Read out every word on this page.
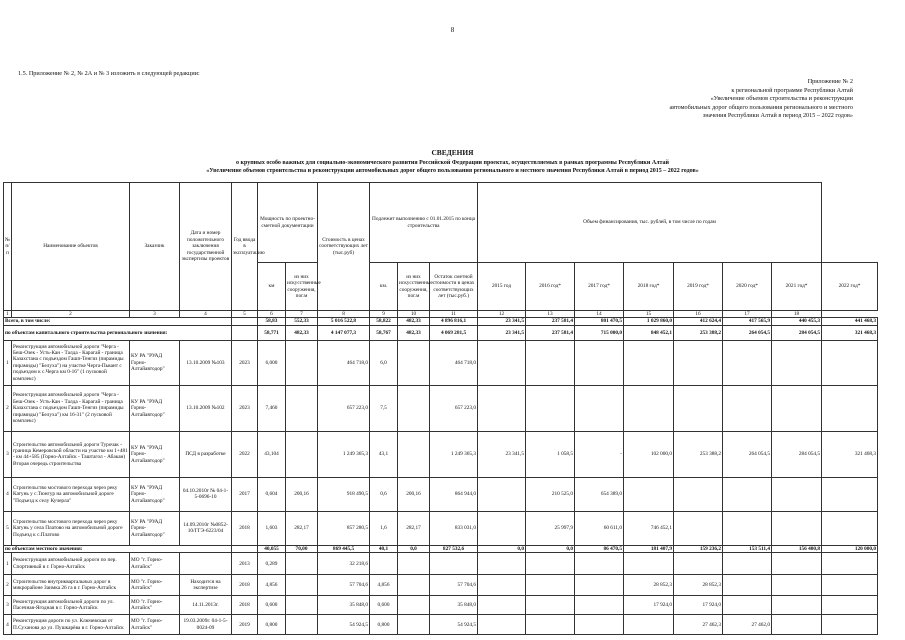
8
1.5. Приложение № 2, № 2А и № 3 изложить в следующей редакции:
Приложение № 2
к региональной программе Республики Алтай
«Увеличение объемов строительства и реконструкции
автомобильных дорог общего пользования регионального и местного
значения Республики Алтай в период 2015 – 2022 годов»
СВЕДЕНИЯ
о крупных особо важных для социально-экономического развития Российской Федерации проектах, осуществляемых в рамках программы Республики Алтай
«Увеличение объемов строительства и реконструкции автомобильных дорог общего пользования регионального и местного значения Республики Алтай в период 2015 – 2022 годов»
№ п/п	Наименование объектов	Заказчик	Дата и номер положительного заключения государственной экспертизы проектов	Год ввода в эксплуатацию	Мощность по проектно-сметной документации		Стоимость в ценах соответствующих лет (тыс.руб)	Подлежит выполнению с 01.01.2015 по конца строительства			Объем финансирования, тыс. рублей, в том числе по годам							
					км	из них искусственные сооружения, пог.м		км.	из них искусственные сооружения, пог.м	Остаток сметной стоимости в ценах соответствующих лет (тыс.руб.)	2015 год	2016 год*	2017 год*	2018 год*	2019 год*	2020 год*	2021 год*	2022 год*
1	2	3	4	5	6	7	8	9	10	11	12	13	14	15	16	17	18	
Всего, в том числе:					58,83	552,33	5 016 522,8	58,822	482,33	4 896 816,1	23 341,5	237 581,4	801 470,5	1 029 860,0	412 624,4	417 565,9	440 455,3	441 468,3
по объектам капитального строительства регионального значения:					58,771	482,33	4 147 077,3	58,767	482,33	4 069 281,5	23 341,5	237 581,4	715 000,0	848 452,1	253 388,2	264 054,5	284 054,5	321 468,3
1	Реконструкция автомобильной дороги "Черга - Беш-Озек - Усть-Кан - Талда - Карагай - граница Казахстана с подъездом Гашп-Тенгиз (пирамиды пирамиды) "Белуха") на участке Черга-Пьвант с подъездом к с.Черга км 0-16" (1 пусковой комплекс)	КУ РА "РУАД Горно-Алтайавтодор"	13.10.2009 №103	2023	6,000		464 718,0	6,0		464 718,0								
2	Реконструкция автомобильной дороги "Черга - Беш-Озек - Усть-Кан - Талда - Карагай - граница Казахстана с подъездом Гашп-Тенгиз (пирамиды пирамиды) "Белуха") км 16-31" (2 пусковой комплекс)	КУ РА "РУАД Горно-Алтайавтодор"	13.10.2009 №102	2023	7,460		657 223,0	7,5		657 223,0								
3	Строительство автомобильной дороги Турочак - граница Кемеровской области на участке км 1+481 - км 44+585 (Горно-Алтайск - Таштагол - Абакан) Вторая очередь строительства	КУ РА "РУАД Горно-Алтайавтодор"	ПСД в разработке	2022	43,104		1 249 365,3	43,1		1 249 365,3	23 341,5	1 058,5	-	102 000,0	253 388,2	264 054,5	284 054,5	321 468,3
4	Строительство мостового перехода через реку Катунь у с.Тюнгур на автомобильной дороге "Подъезд к селу Кучерла"	КУ РА "РУАД Горно-Алтайавтодор"	04.10.2010г № 04-1-5-0696-10	2017	0,604	200,16	918 490,5	0,6	200,16	864 944,0		210 525,0	654 389,0					
5	Строительство мостового перехода через реку Катунь у села Платово на автомобильной дороге Подъезд к с.Платово	КУ РА "РУАД Горно-Алтайавтодор"	14.09.2010г №0852-10/ГГЭ-6223/04	2018	1,603	282,17	857 280,5	1,6	282,17	833 031,0		25 997,9	60 611,0	746 452,1				
по объектам местного значения:					40,055	70,00	869 445,5	40,1	0,0	827 532,6	0,0	0,0	86 470,5	181 407,9	159 236,2	153 511,4	156 400,8	120 000,0
1	Реконструкция автомобильной дороги по пер. Спортивный в г. Горно-Алтайск	МО "г. Горно-Алтайск"		2013	0,289		32 218,6											
2	Строительство внутриквартальных дорог в микрорайоне Заимка 26 га в г. Горно-Алтайск	МО "г. Горно-Алтайск"	Находится на экспертизе	2018	4,856		57 704,6	4,856		57 704,6				28 852,3	28 852,3			
3	Реконструкция автомобильной дороги по ул. Пасечная-Ягодная в г. Горно-Алтайск	МО "г. Горно-Алтайск"	14.11.2013г.	2018	0,600		35 848,0	0,600		35 848,0				17 924,0	17 924,0			
4	Реконструкция дороги по ул. Ключевская от П.Суханова до ул. Пушкарёва в г. Горно-Алтайск	МО "г. Горно-Алтайск"	19.03.2009г. 04-1-5-0024-09	2019	0,800		54 924,5	0,800		54 924,5					27 462,3	27 462,0		
